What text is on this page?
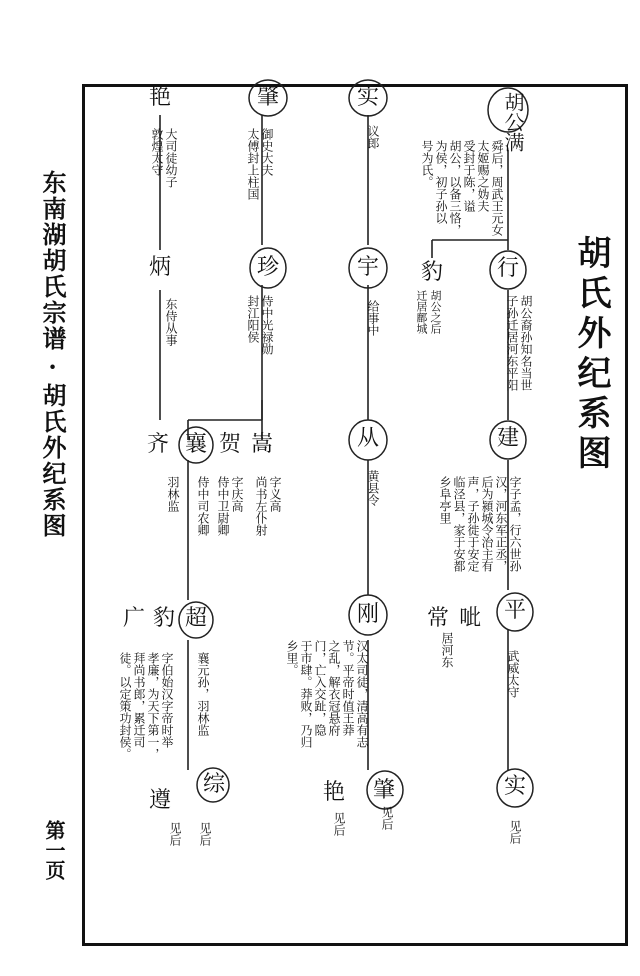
东南湖胡氏宗谱·胡氏外纪系图
第一页
胡氏外纪系图
胡公满
舜后，周武王元女
太姬赐之妫夫
受封于陈，谥
胡公，以备三恪，
为侯，初子孙以
号为氏。
行
胡公裔孙知名当世
子孙迁居河东平阳
建
字子孟，行六世孙
汉，河东军正丞，
后为潁城令治主有
声，子孙徙于安定
临泾县，家于安都
乡阜亭里
平
武威太守
实
见后
豹
胡公之后
迁居鄜城
常 呲
居河东
实
议郎
宇
给事中
从
黄县令
刚
汉太司徒，清高有志
节。平帝时值王莽
之乱，解衣冠悬府
门，亡入交趾，隐
于市肆。莽败，乃归
乡里。
艳
见后
肇
见后
肇
御史大夫
太傅封上柱国
珍
侍中光禄勋
封江阳侯
嵩
字义高
尚书左仆射
贺
字庆高
侍中卫尉卿
襄
侍中司农卿
齐
羽林监
超
襄元孙，羽林监
豹
广
字伯始汉字帝时举
孝廉，为天下第一，
拜尚书郎，累迁司
徒。以定策功封侯。
综
见后
遵
见后
艳
大司徒幼子
敦煌太守
炳
东侍从事
